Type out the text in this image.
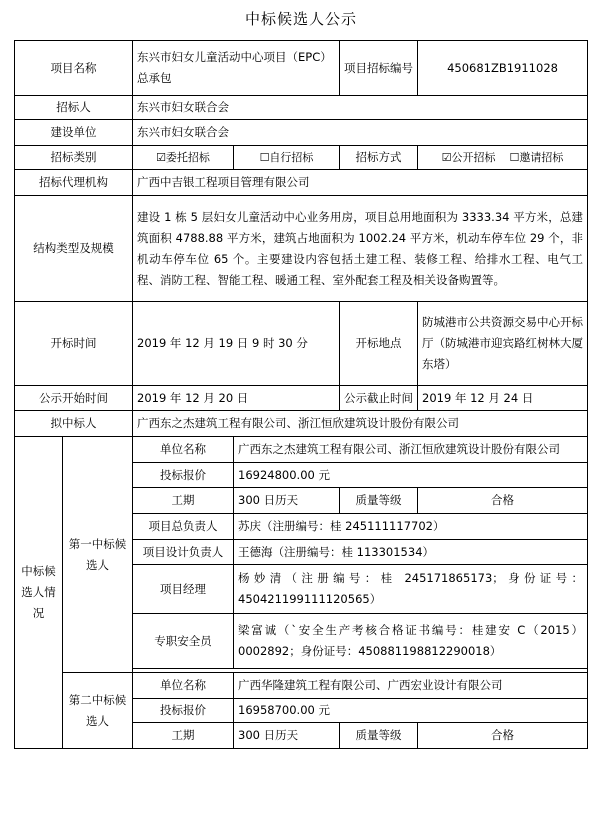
中标候选人公示
项目名称		东兴市妇女儿童活动中心项目（EPC）总承包		项目招标编号	450681ZB1911028
招标人		东兴市妇女联合会			
建设单位		东兴市妇女联合会			
招标类别		☑委托招标	☐自行招标	招标方式	☑公开招标 ☐邀请招标
招标代理机构		广西中吉银工程项目管理有限公司			
结构类型及规模		建设 1 栋 5 层妇女儿童活动中心业务用房，项目总用地面积为 3333.34 平方米，总建筑面积 4788.88 平方米，建筑占地面积为 1002.24 平方米，机动车停车位 29 个，非机动车停车位 65 个。主要建设内容包括土建工程、装修工程、给排水工程、电气工程、消防工程、智能工程、暖通工程、室外配套工程及相关设备购置等。			
开标时间		2019 年 12 月 19 日 9 时 30 分		开标地点	防城港市公共资源交易中心开标厅（防城港市迎宾路红树林大厦东塔）
公示开始时间		2019 年 12 月 20 日		公示截止时间	2019 年 12 月 24 日
拟中标人		广西东之杰建筑工程有限公司、浙江恒欣建筑设计股份有限公司			
中标候选人情况	第一中标候选人	单位名称	广西东之杰建筑工程有限公司、浙江恒欣建筑设计股份有限公司		
		投标报价	16924800.00 元		
		工期	300 日历天	质量等级	合格
		项目总负责人	苏庆（注册编号：桂 245111117702）		
		项目设计负责人	王德海（注册编号：桂 113301534）		
		项目经理	杨妙清（注册编号：桂 245171865173；身份证号：450421199111120565）		
		专职安全员	梁富诚（`安全生产考核合格证书编号：桂建安 C（2015）0002892；身份证号：450881198812290018）		

	第二中标候选人	单位名称	广西华隆建筑工程有限公司、广西宏业设计有限公司		
		投标报价	16958700.00 元		
		工期	300 日历天	质量等级	合格
